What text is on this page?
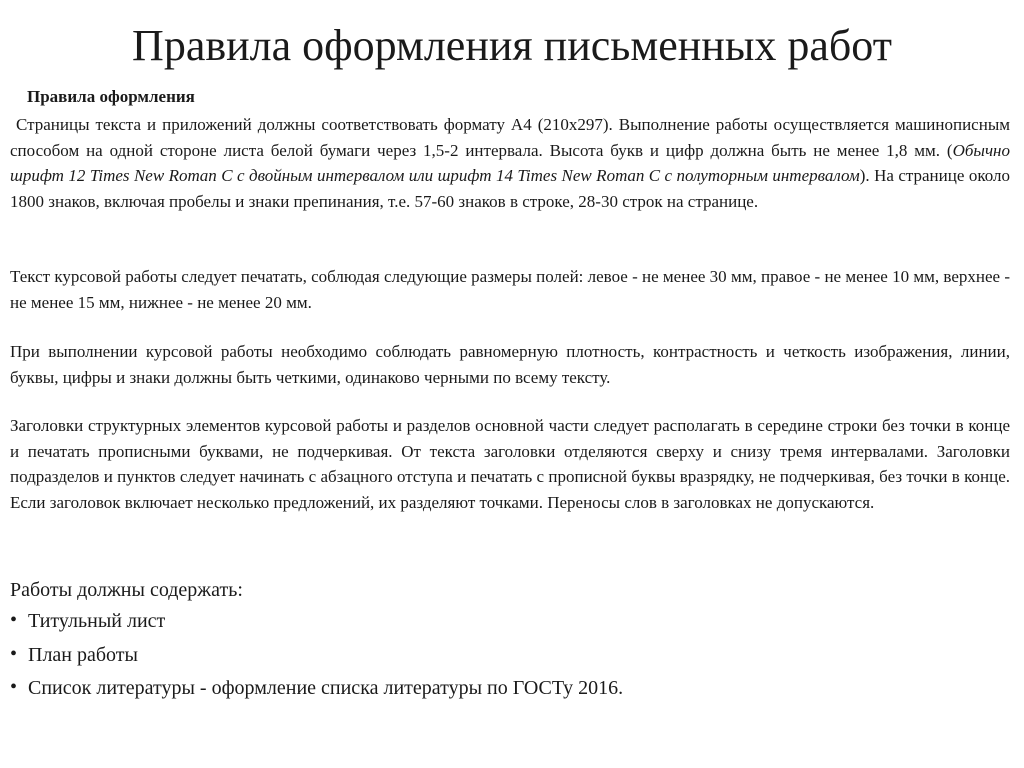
Правила оформления письменных работ

Правила оформления

Страницы текста и приложений должны соответствовать формату А4 (210х297). Выполнение работы осуществляется машинописным способом на одной стороне листа белой бумаги через 1,5-2 интервала. Высота букв и цифр должна быть не менее 1,8 мм. (Обычно шрифт 12 Times New Roman C с двойным интервалом или шрифт 14 Times New Roman C с полуторным интервалом). На странице около 1800 знаков, включая пробелы и знаки препинания, т.е. 57-60 знаков в строке, 28-30 строк на странице.

Текст курсовой работы следует печатать, соблюдая следующие размеры полей: левое - не менее 30 мм, правое - не менее 10 мм, верхнее - не менее 15 мм, нижнее - не менее 20 мм.

При выполнении курсовой работы необходимо соблюдать равномерную плотность, контрастность и четкость изображения, линии, буквы, цифры и знаки должны быть четкими, одинаково черными по всему тексту.

Заголовки структурных элементов курсовой работы и разделов основной части следует располагать в середине строки без точки в конце и печатать прописными буквами, не подчеркивая. От текста заголовки отделяются сверху и снизу тремя интервалами. Заголовки подразделов и пунктов следует начинать с абзацного отступа и печатать с прописной буквы вразрядку, не подчеркивая, без точки в конце. Если заголовок включает несколько предложений, их разделяют точками. Переносы слов в заголовках не допускаются.

Работы должны содержать:

• Титульный лист
• План работы
• Список литературы - оформление списка литературы по ГОСТу 2016.
